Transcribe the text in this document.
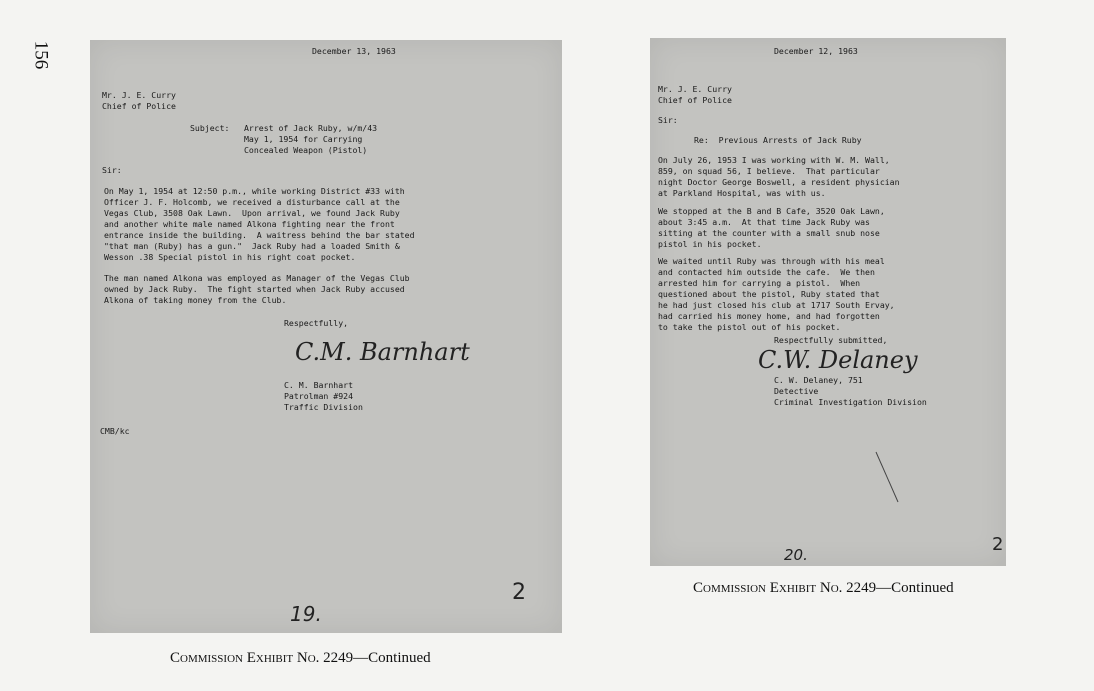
156	December 13, 1963
Mr. J. E. Curry
Chief of Police
Subject: Arrest of Jack Ruby, w/m/43
May 1, 1954 for Carrying
Concealed Weapon (Pistol)
Sir:
On May 1, 1954 at 12:50 p.m., while working District #33 with
Officer J. F. Holcomb, we received a disturbance call at the
Vegas Club, 3508 Oak Lawn.  Upon arrival, we found Jack Ruby
and another white male named Alkona fighting near the front
entrance inside the building.  A waitress behind the bar stated
"that man (Ruby) has a gun."  Jack Ruby had a loaded Smith &
Wesson .38 Special pistol in his right coat pocket.
The man named Alkona was employed as Manager of the Vegas Club
owned by Jack Ruby.  The fight started when Jack Ruby accused
Alkona of taking money from the Club.
Respectfully,
C.M. Barnhart
C. M. Barnhart
Patrolman #924
Traffic Division
CMB/kc
19.
2
December 12, 1963
Mr. J. E. Curry
Chief of Police
Sir:
Re:  Previous Arrests of Jack Ruby
On July 26, 1953 I was working with W. M. Wall,
859, on squad 56, I believe.  That particular
night Doctor George Boswell, a resident physician
at Parkland Hospital, was with us.
We stopped at the B and B Cafe, 3520 Oak Lawn,
about 3:45 a.m.  At that time Jack Ruby was
sitting at the counter with a small snub nose
pistol in his pocket.
We waited until Ruby was through with his meal
and contacted him outside the cafe.  We then
arrested him for carrying a pistol.  When
questioned about the pistol, Ruby stated that
he had just closed his club at 1717 South Ervay,
had carried his money home, and had forgotten
to take the pistol out of his pocket.
Respectfully submitted,
C.W. Delaney
C. W. Delaney, 751
Detective
Criminal Investigation Division
20.	2
Commission Exhibit No. 2249—Continued
Commission Exhibit No. 2249—Continued
